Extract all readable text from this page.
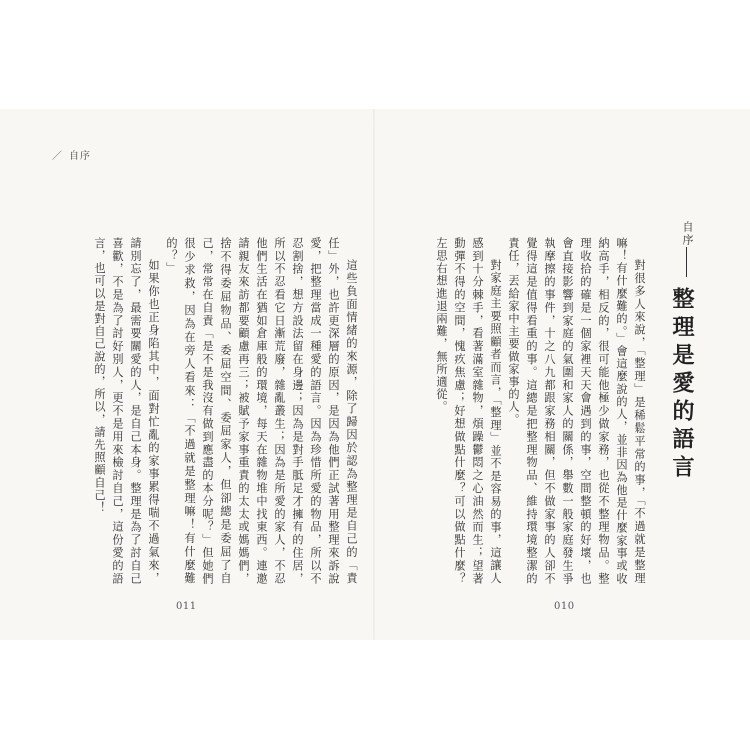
／ 自序
自序
整理是愛的語言

對很多人來說，「整理」是稀鬆平常的事，「不過就是整理嘛！有什麼難的。」會這麼說的人，並非因為他是什麼家事或收納高手，相反的，很可能他極少做家務，也從不整理物品。整理收拾的確是一個家裡天天會遇到的事，空間整頓的好壞，也會直接影響到家庭的氣圍和家人的關係，舉數一般家庭發生爭執摩擦的事件，十之八九都跟家務相關，但不做家事的人卻不覺得這是值得看重的事。這總是把整理物品、維持環境整潔的責任，丟給家中主要做家事的人。

對家庭主要照顧者而言，「整理」並不是容易的事，這讓人感到十分棘手，看著滿室雜物，煩躁鬱悶之心油然而生；望著動彈不得的空間，愧疚焦慮；好想做點什麼？可以做點什麼？左思右想進退兩難，無所適從。

010

這些負面情緒的來源，除了歸因於認為整理是自己的「責任」外，也許更深層的原因，是因為他們正試著用整理來訴說愛，把整理當成一種愛的語言。因為珍惜所愛的物品，所以不忍割捨，想方設法留在身邊；因為是對手胝足才擁有的住居，所以不忍看它日漸荒廢，雜亂叢生；因為是所愛的家人，不忍他們生活在猶如倉庫般的環境，每天在雜物堆中找東西。連邀請親友來訪都要顧慮再三；被賦予家事重責的太太或媽媽們，捨不得委屈物品、委屈空間、委屈家人，但卻總是委屈了自己，常常在自責「是不是我沒有做到應盡的本分呢？」但她們很少求救，因為在旁人看來：「不過就是整理嘛！有什麼難的？」

如果你也正身陷其中，面對忙亂的家事累得喘不過氣來，請別忘了，最需要關愛的人，是自己本身。整理是為了討自己喜歡，不是為了討好別人，更不是用來檢討自己，這份愛的語言，也可以是對自己說的，所以，請先照顧自己！

011
